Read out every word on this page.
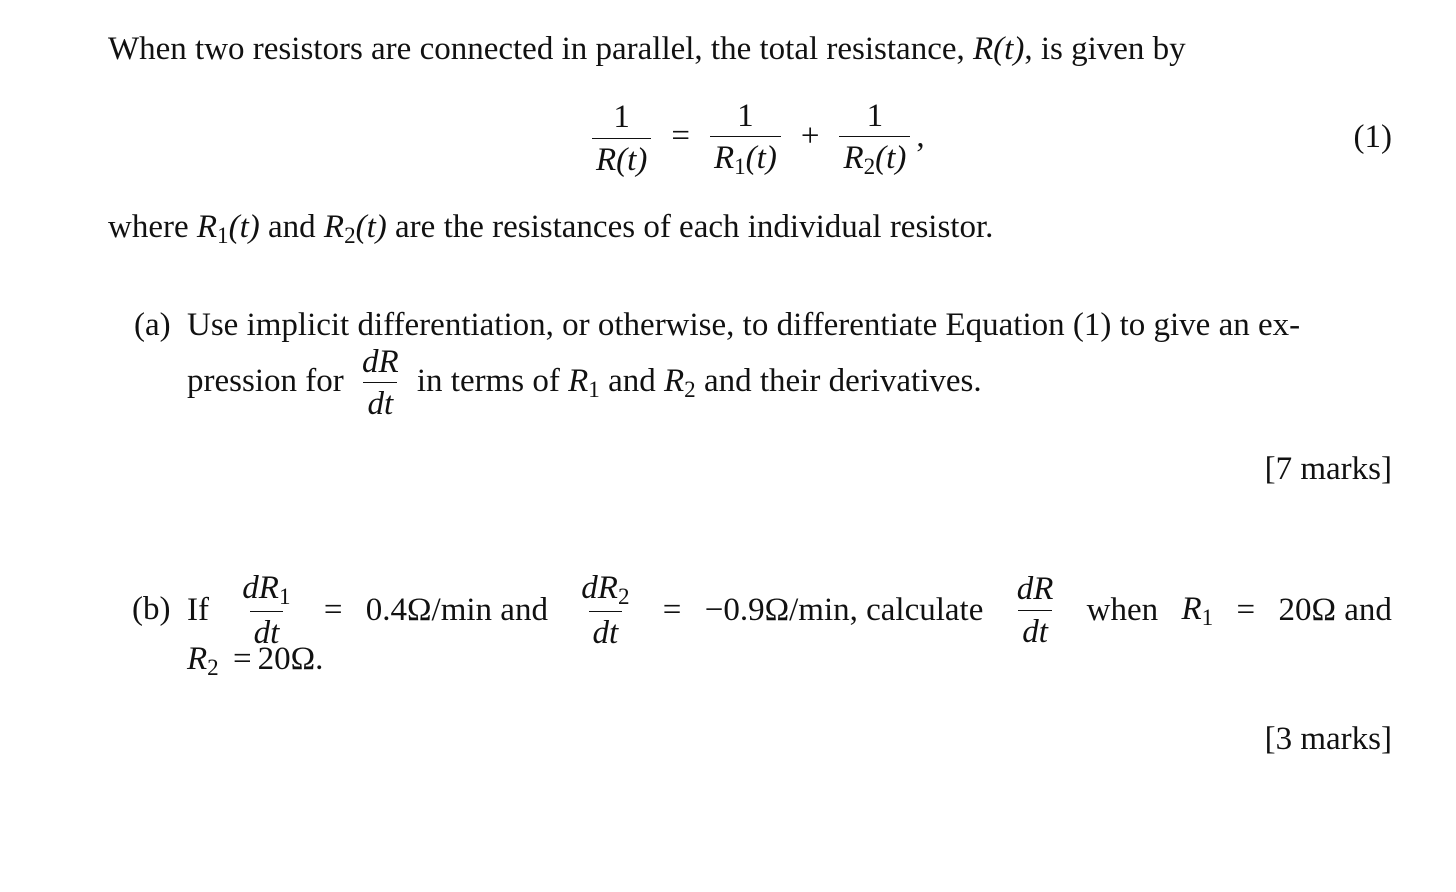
When two resistors are connected in parallel, the total resistance, R(t), is given by
$\frac{1}{R(t)} = \frac{1}{R_1(t)} + \frac{1}{R_2(t)}$ ,	(1)
where $R_1(t)$ and $R_2(t)$ are the resistances of each individual resistor.
(a) Use implicit differentiation, or otherwise, to differentiate Equation (1) to give an ex-
pression for $\frac{dR}{dt}$ in terms of $R_1$ and $R_2$ and their derivatives.
[7 marks]
(b) If $\frac{dR_1}{dt} = 0.4\Omega/\min$ and $\frac{dR_2}{dt} = -0.9\Omega/\min$, calculate $\frac{dR}{dt}$ when $R_1 = 20\Omega$ and
$R_2 = 20\Omega$.
[3 marks]
